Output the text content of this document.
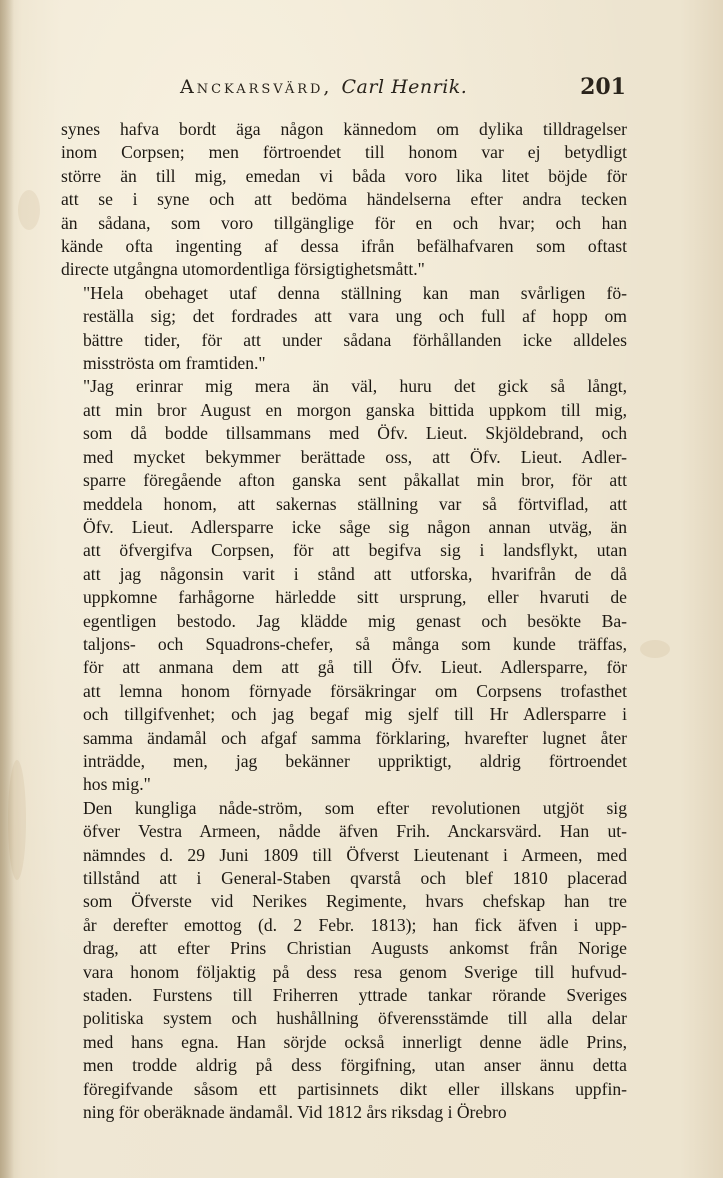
Anckarsvärd, Carl Henrik.	201

synes hafva bordt äga någon kännedom om dylika tilldragelser
inom Corpsen; men förtroendet till honom var ej betydligt
större än till mig, emedan vi båda voro lika litet böjde för
att se i syne och att bedöma händelserna efter andra tecken
än sådana, som voro tillgänglige för en och hvar; och han
kände ofta ingenting af dessa ifrån befälhafvaren som oftast
directe utgångna utomordentliga försigtighetsmått."

"Hela obehaget utaf denna ställning kan man svårligen fö-
reställa sig; det fordrades att vara ung och full af hopp om
bättre tider, för att under sådana förhållanden icke alldeles
misströsta om framtiden."

"Jag erinrar mig mera än väl, huru det gick så långt,
att min bror August en morgon ganska bittida uppkom till mig,
som då bodde tillsammans med Öfv. Lieut. Skjöldebrand, och
med mycket bekymmer berättade oss, att Öfv. Lieut. Adler-
sparre föregående afton ganska sent påkallat min bror, för att
meddela honom, att sakernas ställning var så förtviflad, att
Öfv. Lieut. Adlersparre icke såge sig någon annan utväg, än
att öfvergifva Corpsen, för att begifva sig i landsflykt, utan
att jag någonsin varit i stånd att utforska, hvarifrån de då
uppkomne farhågorne härledde sitt ursprung, eller hvaruti de
egentligen bestodo. Jag klädde mig genast och besökte Ba-
taljons- och Squadrons-chefer, så många som kunde träffas,
för att anmana dem att gå till Öfv. Lieut. Adlersparre, för
att lemna honom förnyade försäkringar om Corpsens trofasthet
och tillgifvenhet; och jag begaf mig sjelf till Hr Adlersparre i
samma ändamål och afgaf samma förklaring, hvarefter lugnet åter
inträdde, men, jag bekänner uppriktigt, aldrig förtroendet
hos mig."

Den kungliga nåde-ström, som efter revolutionen utgjöt sig
öfver Vestra Armeen, nådde äfven Frih. Anckarsvärd. Han ut-
nämndes d. 29 Juni 1809 till Öfverst Lieutenant i Armeen, med
tillstånd att i General-Staben qvarstå och blef 1810 placerad
som Öfverste vid Nerikes Regimente, hvars chefskap han tre
år derefter emottog (d. 2 Febr. 1813); han fick äfven i upp-
drag, att efter Prins Christian Augusts ankomst från Norige
vara honom följaktig på dess resa genom Sverige till hufvud-
staden. Furstens till Friherren yttrade tankar rörande Sveriges
politiska system och hushållning öfverensstämde till alla delar
med hans egna. Han sörjde också innerligt denne ädle Prins,
men trodde aldrig på dess förgifning, utan anser ännu detta
föregifvande såsom ett partisinnets dikt eller illskans uppfin-
ning för oberäknade ändamål. Vid 1812 års riksdag i Örebro
